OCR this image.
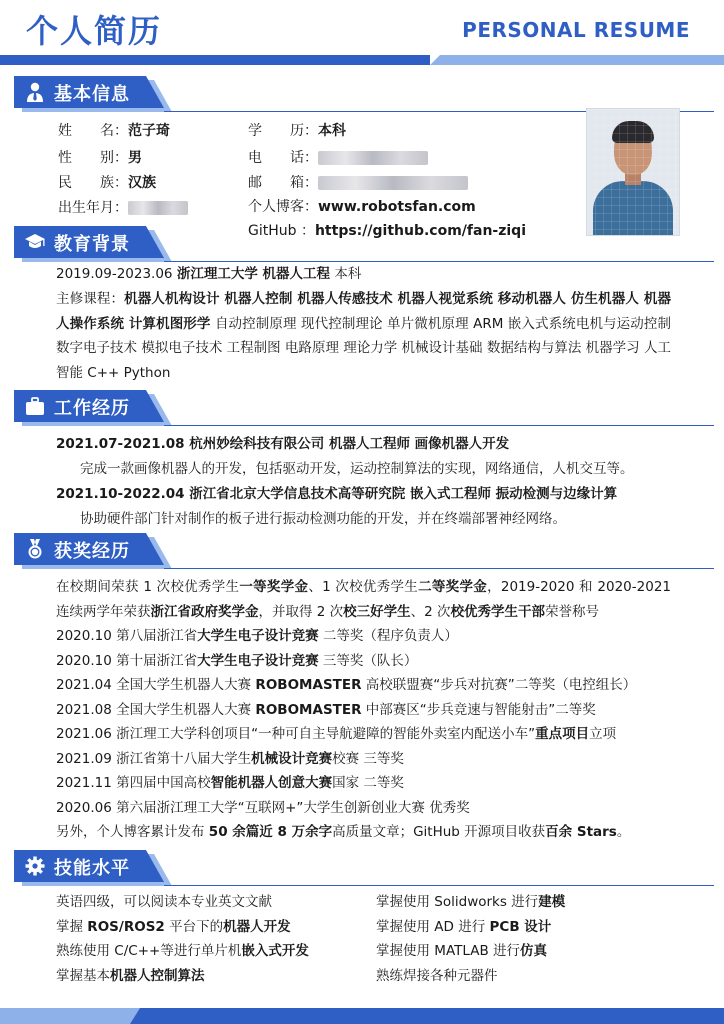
个人简历	PERSONAL RESUME
基本信息
姓　　名：范子琦
性　　别：男
民　　族：汉族
出生年月：
学　　历：本科
电　　话：
邮　　箱：
个人博客：www.robotsfan.com
GitHub ：https://github.com/fan-ziqi
教育背景
2019.09-2023.06 浙江理工大学 机器人工程 本科
主修课程：机器人机构设计 机器人控制 机器人传感技术 机器人视觉系统 移动机器人 仿生机器人 机器人操作系统 计算机图形学 自动控制原理 现代控制理论 单片微机原理 ARM 嵌入式系统电机与运动控制 数字电子技术 模拟电子技术 工程制图 电路原理 理论力学 机械设计基础 数据结构与算法 机器学习 人工智能 C++ Python
工作经历
2021.07-2021.08 杭州妙绘科技有限公司 机器人工程师 画像机器人开发
完成一款画像机器人的开发，包括驱动开发，运动控制算法的实现，网络通信，人机交互等。
2021.10-2022.04 浙江省北京大学信息技术高等研究院 嵌入式工程师 振动检测与边缘计算
协助硬件部门针对制作的板子进行振动检测功能的开发，并在终端部署神经网络。
获奖经历
在校期间荣获 1 次校优秀学生一等奖学金、1 次校优秀学生二等奖学金，2019-2020 和 2020-2021 连续两学年荣获浙江省政府奖学金，并取得 2 次校三好学生、2 次校优秀学生干部荣誉称号
2020.10 第八届浙江省大学生电子设计竞赛 二等奖（程序负责人）
2020.10 第十届浙江省大学生电子设计竞赛 三等奖（队长）
2021.04 全国大学生机器人大赛 ROBOMASTER 高校联盟赛“步兵对抗赛”二等奖（电控组长）
2021.08 全国大学生机器人大赛 ROBOMASTER 中部赛区“步兵竞速与智能射击”二等奖
2021.06 浙江理工大学科创项目“一种可自主导航避障的智能外卖室内配送小车”重点项目立项
2021.09 浙江省第十八届大学生机械设计竞赛校赛 三等奖
2021.11 第四届中国高校智能机器人创意大赛国家 二等奖
2020.06 第六届浙江理工大学“互联网+”大学生创新创业大赛 优秀奖
另外，个人博客累计发布 50 余篇近 8 万余字高质量文章；GitHub 开源项目收获百余 Stars。
技能水平
英语四级，可以阅读本专业英文文献
掌握 ROS/ROS2 平台下的机器人开发
熟练使用 C/C++等进行单片机嵌入式开发
掌握基本机器人控制算法
掌握使用 Solidworks 进行建模
掌握使用 AD 进行 PCB 设计
掌握使用 MATLAB 进行仿真
熟练焊接各种元器件
